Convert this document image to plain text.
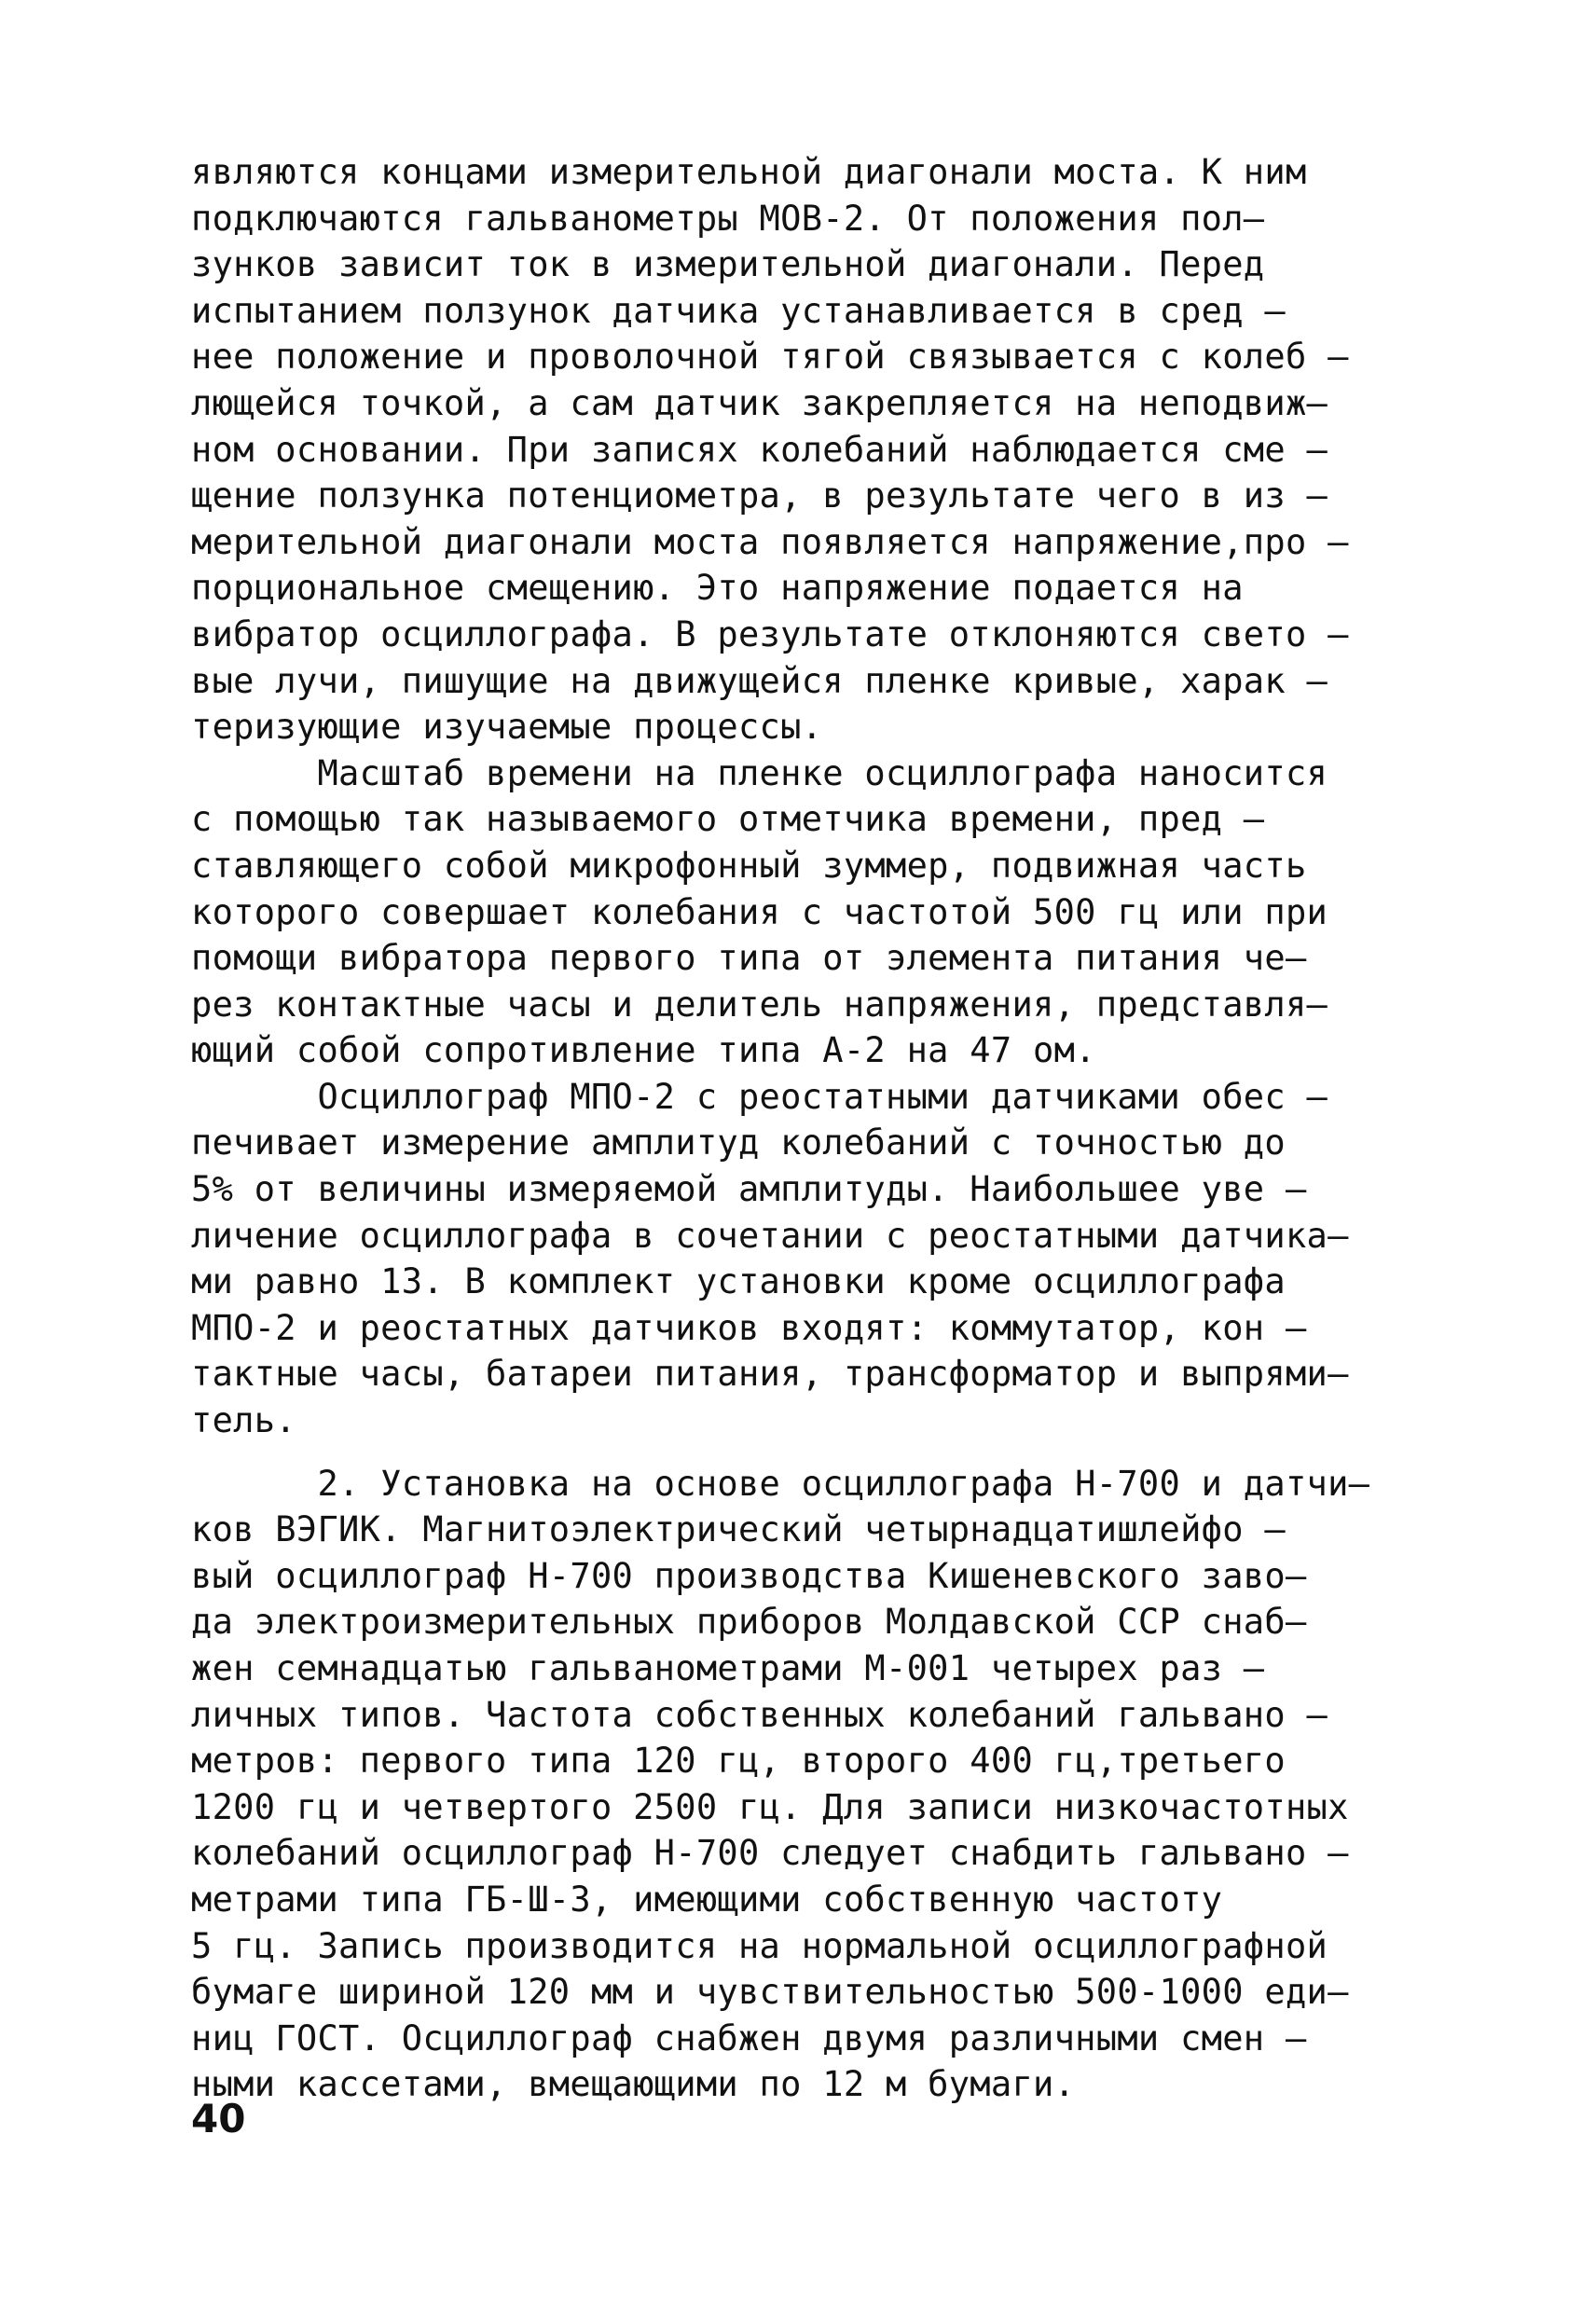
являются концами измерительной диагонали моста. К ним
подключаются гальванометры МОВ-2. От положения пол–
зунков зависит ток в измерительной диагонали. Перед
испытанием ползунок датчика устанавливается в сред –
нее положение и проволочной тягой связывается с колеб –
лющейся точкой, а сам датчик закрепляется на неподвиж–
ном основании. При записях колебаний наблюдается сме –
щение ползунка потенциометра, в результате чего в из –
мерительной диагонали моста появляется напряжение,про –
порциональное смещению. Это напряжение подается на
вибратор осциллографа. В результате отклоняются свето –
вые лучи, пишущие на движущейся пленке кривые, харак –
теризующие изучаемые процессы.
Масштаб времени на пленке осциллографа наносится
с помощью так называемого отметчика времени, пред –
ставляющего собой микрофонный зуммер, подвижная часть
которого совершает колебания с частотой 500 гц или при
помощи вибратора первого типа от элемента питания че–
рез контактные часы и делитель напряжения, представля–
ющий собой сопротивление типа А-2 на 47 ом.
Осциллограф МПО-2 с реостатными датчиками обес –
печивает измерение амплитуд колебаний с точностью до
5% от величины измеряемой амплитуды. Наибольшее уве –
личение осциллографа в сочетании с реостатными датчика–
ми равно 13. В комплект установки кроме осциллографа
МПО-2 и реостатных датчиков входят: коммутатор, кон –
тактные часы, батареи питания, трансформатор и выпрями–
тель.
2. Установка на основе осциллографа Н-700 и датчи–
ков ВЭГИК. Магнитоэлектрический четырнадцатишлейфо –
вый осциллограф Н-700 производства Кишеневского заво–
да электроизмерительных приборов Молдавской ССР снаб–
жен семнадцатью гальванометрами М-001 четырех раз –
личных типов. Частота собственных колебаний гальвано –
метров: первого типа 120 гц, второго 400 гц,третьего
1200 гц и четвертого 2500 гц. Для записи низкочастотных
колебаний осциллограф Н-700 следует снабдить гальвано –
метрами типа ГБ-Ш-3, имеющими собственную частоту
5 гц. Запись производится на нормальной осциллографной
бумаге шириной 120 мм и чувствительностью 500-1000 еди–
ниц ГОСТ. Осциллограф снабжен двумя различными смен –
ными кассетами, вмещающими по 12 м бумаги.
40
